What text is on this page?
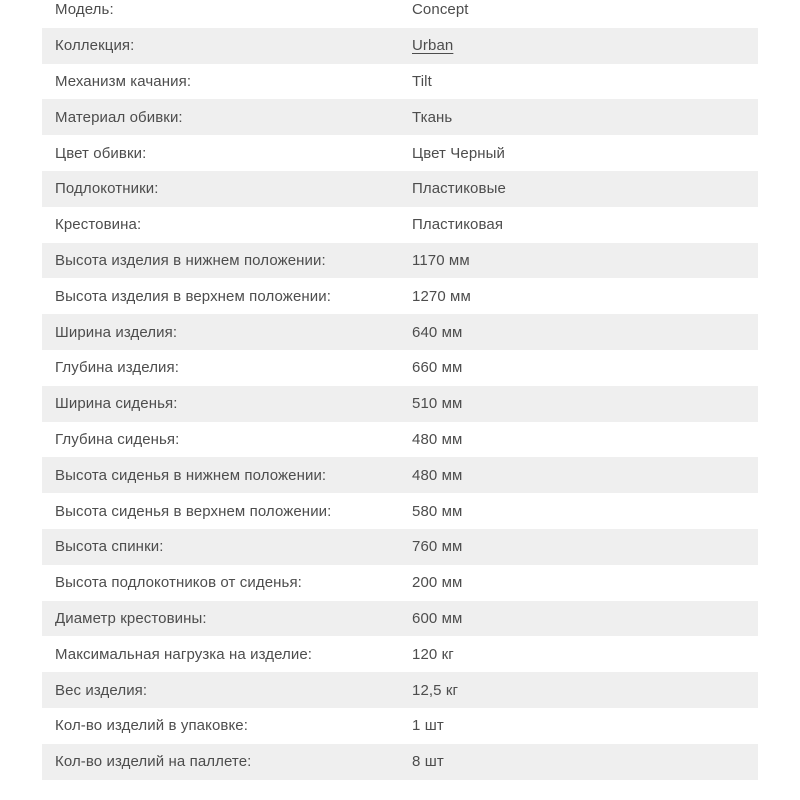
Модель:	Concept
Коллекция:	Urban
Механизм качания:	Tilt
Материал обивки:	Ткань
Цвет обивки:	Цвет Черный
Подлокотники:	Пластиковые
Крестовина:	Пластиковая
Высота изделия в нижнем положении:	1170 мм
Высота изделия в верхнем положении:	1270 мм
Ширина изделия:	640 мм
Глубина изделия:	660 мм
Ширина сиденья:	510 мм
Глубина сиденья:	480 мм
Высота сиденья в нижнем положении:	480 мм
Высота сиденья в верхнем положении:	580 мм
Высота спинки:	760 мм
Высота подлокотников от сиденья:	200 мм
Диаметр крестовины:	600 мм
Максимальная нагрузка на изделие:	120 кг
Вес изделия:	12,5 кг
Кол-во изделий в упаковке:	1 шт
Кол-во изделий на паллете:	8 шт
